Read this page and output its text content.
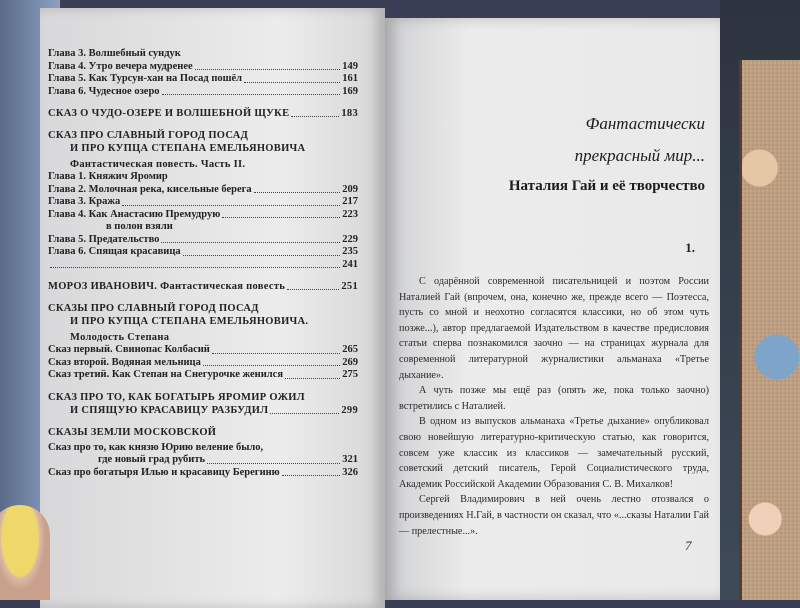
Фантастически
прекрасный мир...
Наталия Гай и её творчество
1.

С одарённой современной писательницей и поэтом России Наталией Гай (впрочем, она, конечно же, прежде всего — Поэтесса, пусть со мной и неохотно согласятся классики, но об этом чуть позже...), автор предлагаемой Издательством в качестве предисловия статьи сперва познакомился заочно — на страницах журнала для современной литературной журналистики альманаха «Третье дыхание».

А чуть позже мы ещё раз (опять же, пока только заочно) встретились с Наталией.

В одном из выпусков альманаха «Третье дыхание» опубликовал свою новейшую литературно-критическую статью, как говорится, совсем уже классик из классиков — замечательный русский, советский детский писатель, Герой Социалистического труда, Академик Российской Академии Образования С. В. Михалков!

Сергей Владимирович в ней очень лестно отозвался о произведениях Н.Гай, в частности он сказал, что «...сказы Наталии Гай — прелестные...».

7
Глава 3. Волшебный сундук
Глава 4. Утро вечера мудренее	149
Глава 5. Как Турсун-хан на Посад пошёл	161
Глава 6. Чудесное озеро	169
СКАЗ О ЧУДО-ОЗЕРЕ И ВОЛШЕБНОЙ ЩУКЕ	183
СКАЗ ПРО СЛАВНЫЙ ГОРОД ПОСАД
И ПРО КУПЦА СТЕПАНА ЕМЕЛЬЯНОВИЧА
Фантастическая повесть. Часть II.
Глава 1. Княжич Яромир
Глава 2. Молочная река, кисельные берега	209
Глава 3. Кража	217
Глава 4. Как Анастасию Премудрую	223
в полон взяли
Глава 5. Предательство	229
Глава 6. Спящая красавица	235
241
МОРОЗ ИВАНОВИЧ. Фантастическая повесть	251
СКАЗЫ ПРО СЛАВНЫЙ ГОРОД ПОСАД
И ПРО КУПЦА СТЕПАНА ЕМЕЛЬЯНОВИЧА.
Молодость Степана
Сказ первый. Свинопас Колбасий	265
Сказ второй. Водяная мельница	269
Сказ третий. Как Степан на Снегурочке женился	275
СКАЗ ПРО ТО, КАК БОГАТЫРЬ ЯРОМИР ОЖИЛ
И СПЯЩУЮ КРАСАВИЦУ РАЗБУДИЛ	299
СКАЗЫ ЗЕМЛИ МОСКОВСКОЙ
Сказ про то, как князю Юрию веление было,
где новый град рубить	321
Сказ про богатыря Илью и красавицу Берегиню	326
